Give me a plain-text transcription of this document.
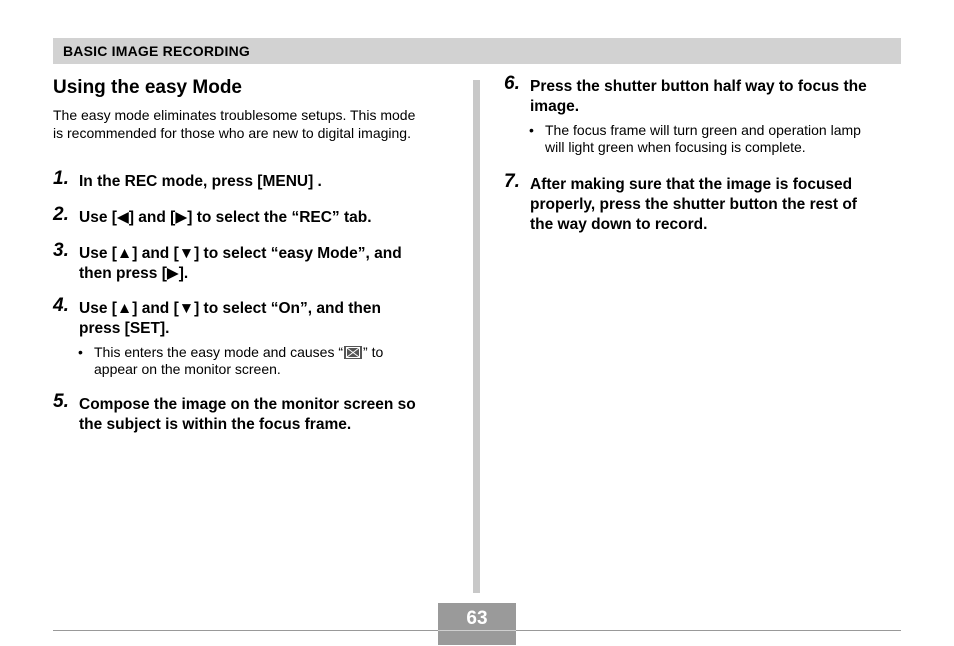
BASIC IMAGE RECORDING
Using the easy Mode
The easy mode eliminates troublesome setups. This mode
is recommended for those who are new to digital imaging.
1. In the REC mode, press [MENU] .
2. Use [◀] and [▶] to select the “REC” tab.
3. Use [▲] and [▼] to select “easy Mode”, and
then press [▶].
4. Use [▲] and [▼] to select “On”, and then
press [SET].
• This enters the easy mode and causes “ ” to
appear on the monitor screen.
5. Compose the image on the monitor screen so
the subject is within the focus frame.
6. Press the shutter button half way to focus the
image.
• The focus frame will turn green and operation lamp
will light green when focusing is complete.
7. After making sure that the image is focused
properly, press the shutter button the rest of
the way down to record.
63
